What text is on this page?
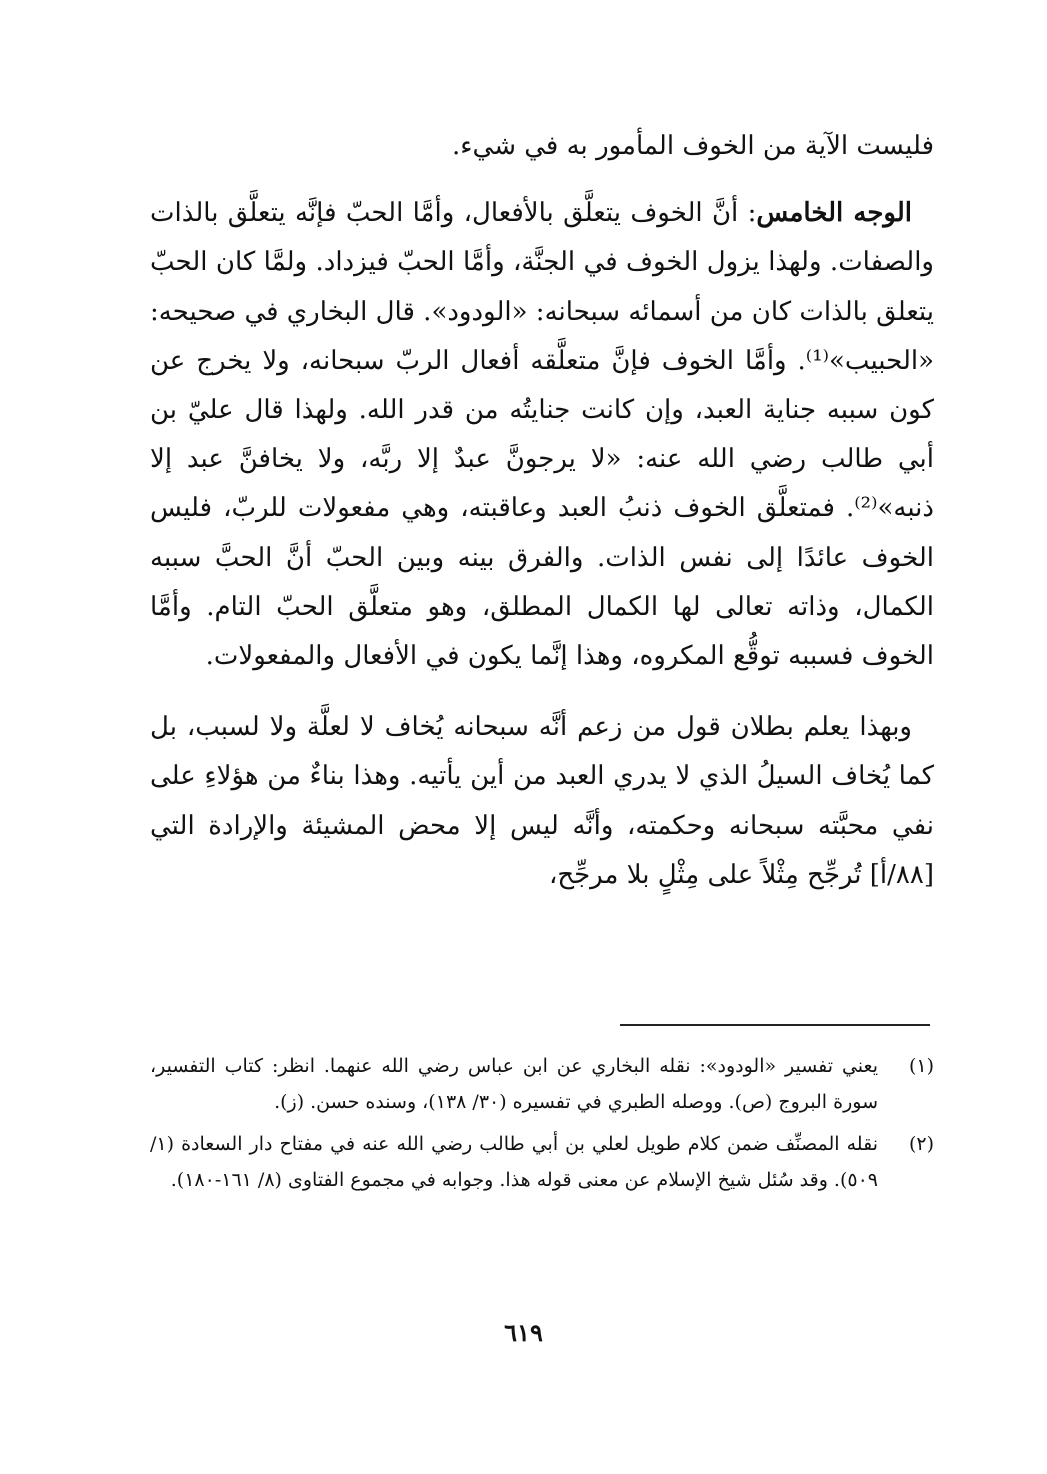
فليست الآية من الخوف المأمور به في شيء.

الوجه الخامس: أنَّ الخوف يتعلَّق بالأفعال، وأمَّا الحبّ فإنَّه يتعلَّق بالذات والصفات. ولهذا يزول الخوف في الجنَّة، وأمَّا الحبّ فيزداد. ولمَّا كان الحبّ يتعلق بالذات كان من أسمائه سبحانه: «الودود». قال البخاري في صحيحه: «الحبيب»⁽¹⁾. وأمَّا الخوف فإنَّ متعلَّقه أفعال الربّ سبحانه، ولا يخرج عن كون سببه جناية العبد، وإن كانت جنايتُه من قدر الله. ولهذا قال عليّ بن أبي طالب رضي الله عنه: «لا يرجونَّ عبدٌ إلا ربَّه، ولا يخافنَّ عبد إلا ذنبه»⁽²⁾. فمتعلَّق الخوف ذنبُ العبد وعاقبته، وهي مفعولات للربّ، فليس الخوف عائدًا إلى نفس الذات. والفرق بينه وبين الحبّ أنَّ الحبَّ سببه الكمال، وذاته تعالى لها الكمال المطلق، وهو متعلَّق الحبّ التام. وأمَّا الخوف فسببه توقُّع المكروه، وهذا إنَّما يكون في الأفعال والمفعولات.

وبهذا يعلم بطلان قول من زعم أنَّه سبحانه يُخاف لا لعلَّة ولا لسبب، بل كما يُخاف السيلُ الذي لا يدري العبد من أين يأتيه. وهذا بناءٌ من هؤلاءِ على نفي محبَّته سبحانه وحكمته، وأنَّه ليس إلا محض المشيئة والإرادة التي [٨٨/أ] تُرجِّح مِثْلاً على مِثْلٍ بلا مرجِّح،

(١)
يعني تفسير «الودود»: نقله البخاري عن ابن عباس رضي الله عنهما. انظر: كتاب التفسير، سورة البروج (ص). ووصله الطبري في تفسيره (٣٠/ ١٣٨)، وسنده حسن. (ز).
(٢)
نقله المصنِّف ضمن كلام طويل لعلي بن أبي طالب رضي الله عنه في مفتاح دار السعادة (١/ ٥٠٩). وقد سُئل شيخ الإسلام عن معنى قوله هذا. وجوابه في مجموع الفتاوى (٨/ ١٦١-١٨٠).
٦١٩
